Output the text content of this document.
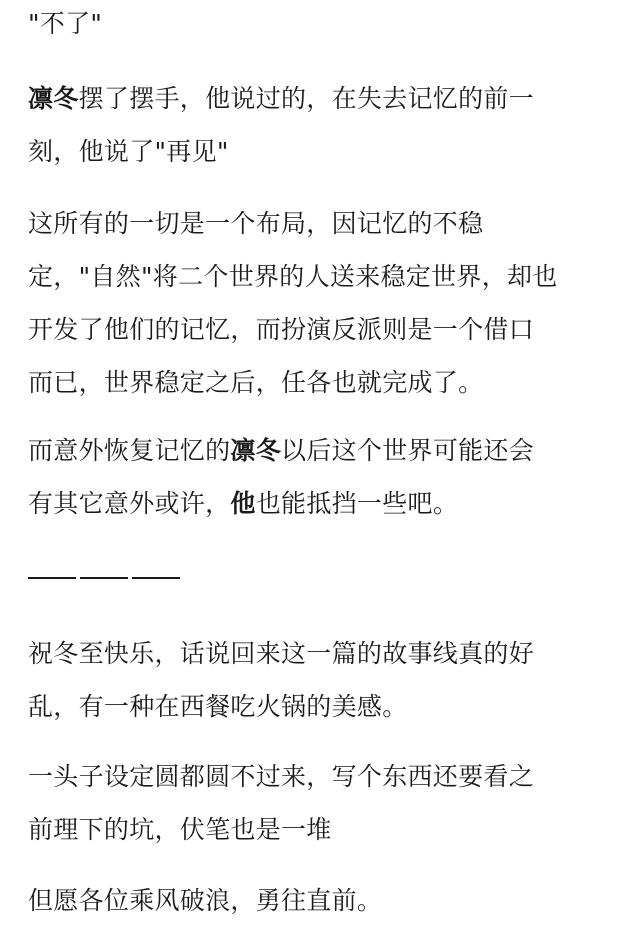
"不了"

凛冬摆了摆手，他说过的，在失去记忆的前一
刻，他说了"再见"

这所有的一切是一个布局，因记忆的不稳
定，"自然"将二个世界的人送来稳定世界，却也
开发了他们的记忆，而扮演反派则是一个借口
而已，世界稳定之后，任各也就完成了。

而意外恢复记忆的凛冬以后这个世界可能还会
有其它意外或许，他也能抵挡一些吧。

祝冬至快乐，话说回来这一篇的故事线真的好
乱，有一种在西餐吃火锅的美感。

一头子设定圆都圆不过来，写个东西还要看之
前理下的坑，伏笔也是一堆

但愿各位乘风破浪，勇往直前。
